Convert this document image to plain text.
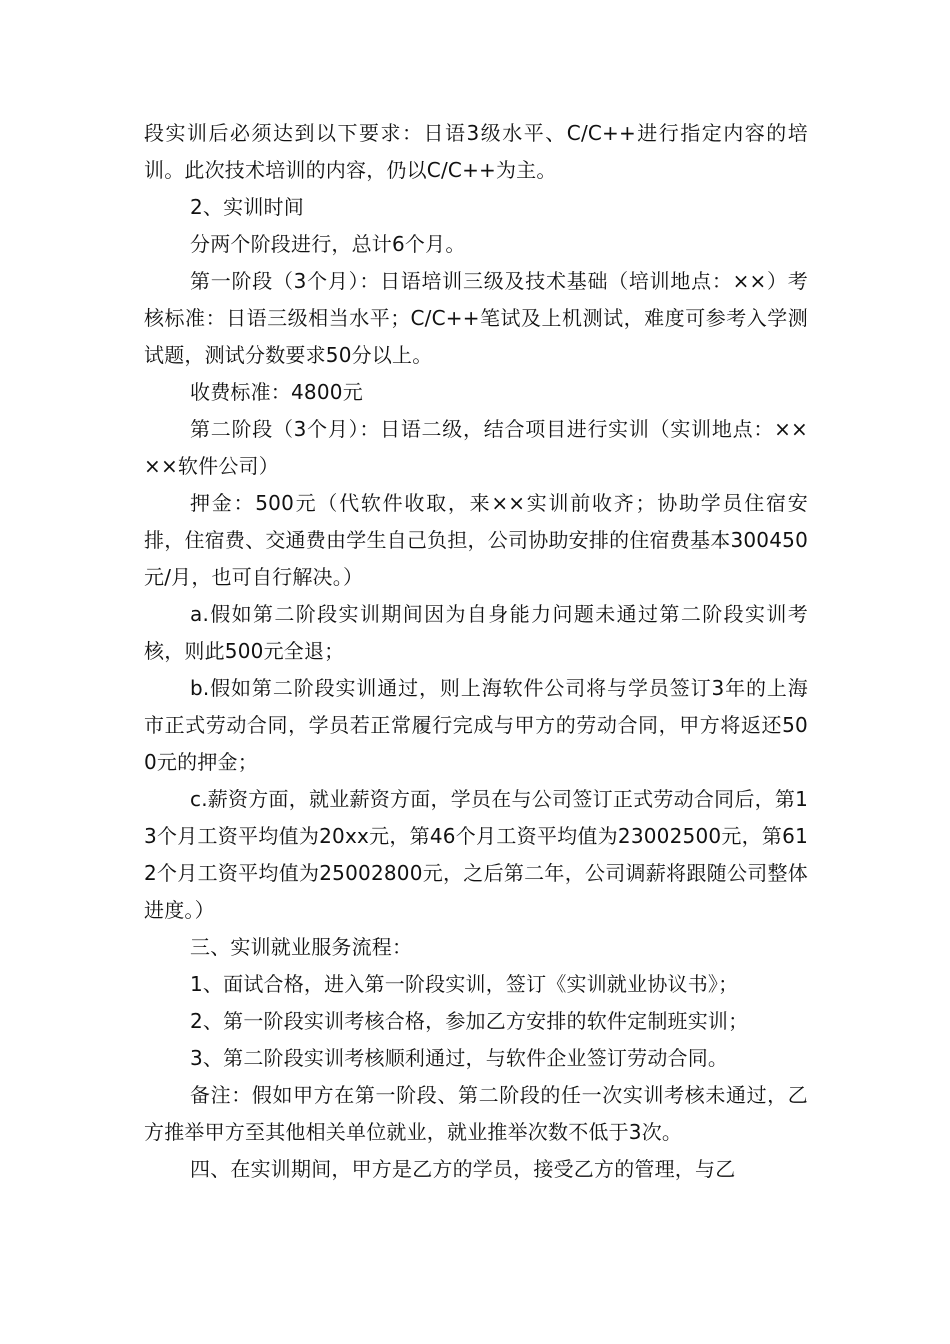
段实训后必须达到以下要求：日语3级水平、C/C++进行指定内容的培训。此次技术培训的内容，仍以C/C++为主。

2、实训时间

分两个阶段进行，总计6个月。

第一阶段（3个月）：日语培训三级及技术基础（培训地点：××）考核标准：日语三级相当水平；C/C++笔试及上机测试，难度可参考入学测试题，测试分数要求50分以上。

收费标准：4800元

第二阶段（3个月）：日语二级，结合项目进行实训（实训地点：××××软件公司）

押金：500元（代软件收取，来××实训前收齐；协助学员住宿安排，住宿费、交通费由学生自己负担，公司协助安排的住宿费基本300450元/月，也可自行解决。）

a.假如第二阶段实训期间因为自身能力问题未通过第二阶段实训考核，则此500元全退；

b.假如第二阶段实训通过，则上海软件公司将与学员签订3年的上海市正式劳动合同，学员若正常履行完成与甲方的劳动合同，甲方将返还500元的押金；

c.薪资方面，就业薪资方面，学员在与公司签订正式劳动合同后，第13个月工资平均值为20xx元，第46个月工资平均值为23002500元，第612个月工资平均值为25002800元，之后第二年，公司调薪将跟随公司整体进度。）

三、实训就业服务流程：

1、面试合格，进入第一阶段实训，签订《实训就业协议书》；

2、第一阶段实训考核合格，参加乙方安排的软件定制班实训；

3、第二阶段实训考核顺利通过，与软件企业签订劳动合同。

备注：假如甲方在第一阶段、第二阶段的任一次实训考核未通过，乙方推举甲方至其他相关单位就业，就业推举次数不低于3次。

四、在实训期间，甲方是乙方的学员，接受乙方的管理，与乙
